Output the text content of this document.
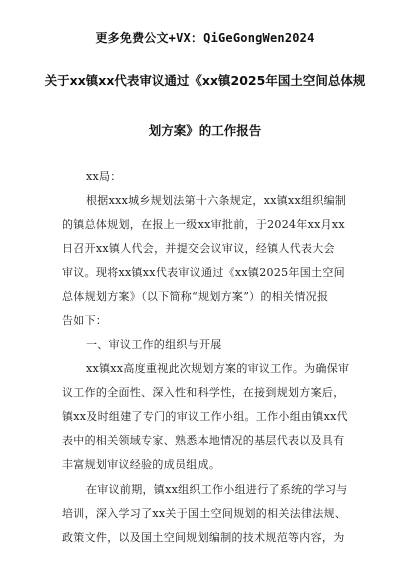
更多免费公文+VX：QiGeGongWen2024
关于xx镇xx代表审议通过《xx镇2025年国土空间总体规
划方案》的工作报告
xx局：
根据xxx城乡规划法第十六条规定，xx镇xx组织编制
的镇总体规划，在报上一级xx审批前，于2024年xx月xx
日召开xx镇人代会，并提交会议审议，经镇人代表大会
审议。现将xx镇xx代表审议通过《xx镇2025年国土空间
总体规划方案》（以下简称“规划方案”）的相关情况报
告如下：
一、审议工作的组织与开展
xx镇xx高度重视此次规划方案的审议工作。为确保审
议工作的全面性、深入性和科学性，在接到规划方案后，
镇xx及时组建了专门的审议工作小组。工作小组由镇xx代
表中的相关领域专家、熟悉本地情况的基层代表以及具有
丰富规划审议经验的成员组成。
在审议前期，镇xx组织工作小组进行了系统的学习与
培训，深入学习了xx关于国土空间规划的相关法律法规、
政策文件，以及国土空间规划编制的技术规范等内容，为
